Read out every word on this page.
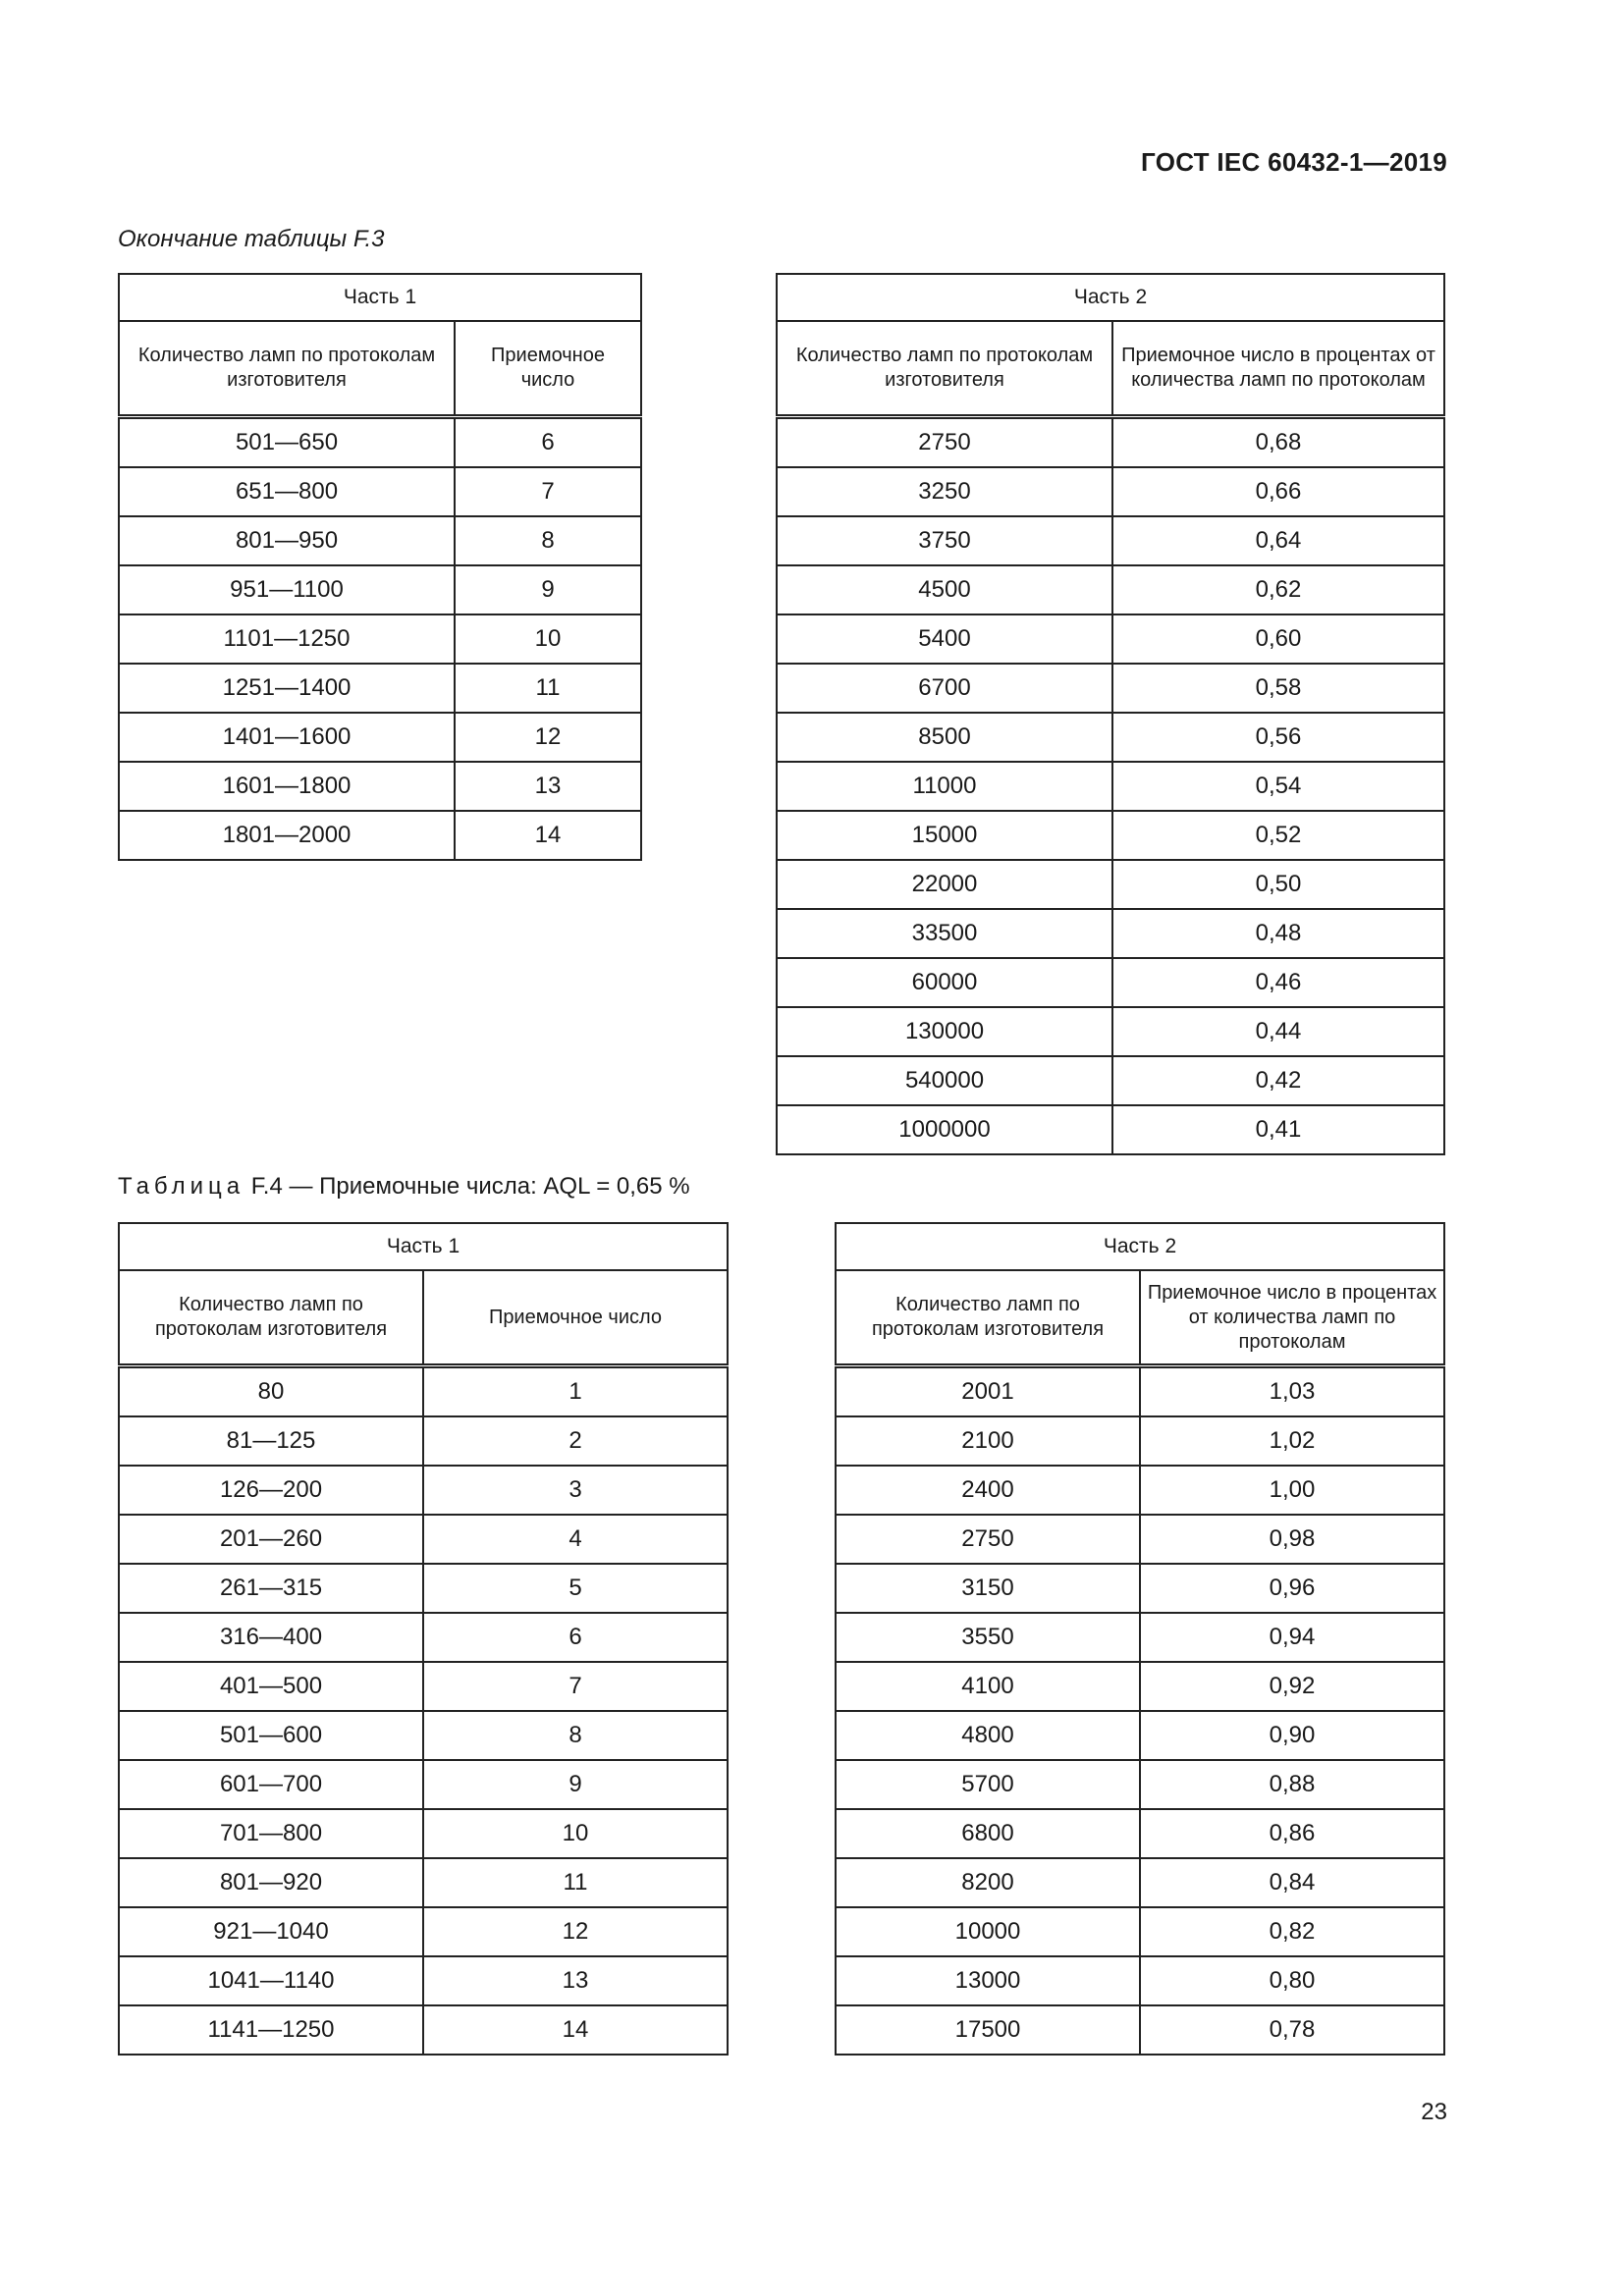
ГОСТ IEC 60432-1—2019
Окончание таблицы F.3
Часть 1	
Количество ламп по протоколам изготовителя	Приемочное число
501—650	6
651—800	7
801—950	8
951—1100	9
1101—1250	10
1251—1400	11
1401—1600	12
1601—1800	13
1801—2000	14
Часть 2	
Количество ламп по протоколам изготовителя	Приемочное число в процентах от количества ламп по протоколам
2750	0,68
3250	0,66
3750	0,64
4500	0,62
5400	0,60
6700	0,58
8500	0,56
11000	0,54
15000	0,52
22000	0,50
33500	0,48
60000	0,46
130000	0,44
540000	0,42
1000000	0,41
Таблица F.4 — Приемочные числа: AQL = 0,65 %
Часть 1	
Количество ламп по протоколам изготовителя	Приемочное число
80	1
81—125	2
126—200	3
201—260	4
261—315	5
316—400	6
401—500	7
501—600	8
601—700	9
701—800	10
801—920	11
921—1040	12
1041—1140	13
1141—1250	14
Часть 2	
Количество ламп по протоколам изготовителя	Приемочное число в процентах от количества ламп по протоколам
2001	1,03
2100	1,02
2400	1,00
2750	0,98
3150	0,96
3550	0,94
4100	0,92
4800	0,90
5700	0,88
6800	0,86
8200	0,84
10000	0,82
13000	0,80
17500	0,78
23
